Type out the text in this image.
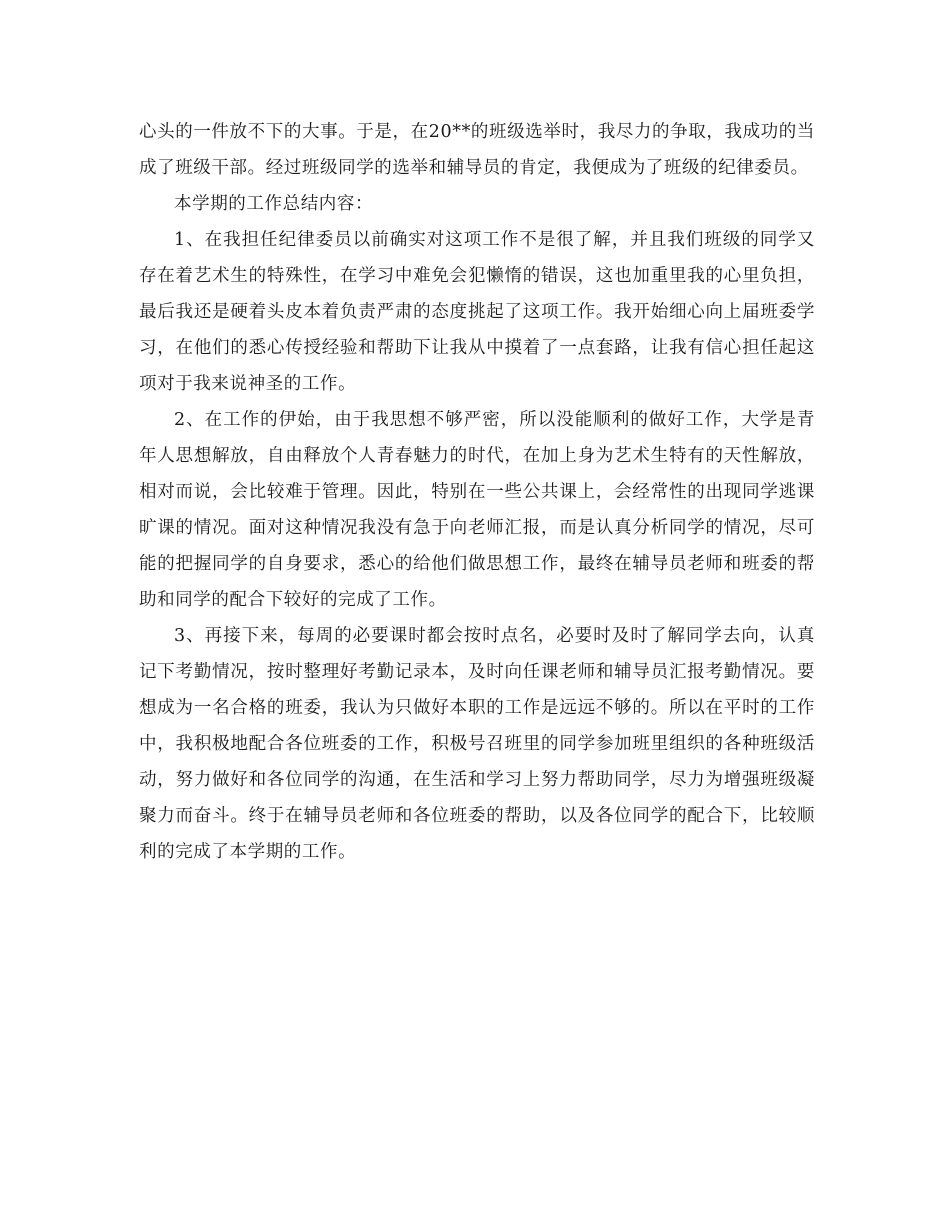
心头的一件放不下的大事。于是，在20**的班级选举时，我尽力的争取，我成功的当成了班级干部。经过班级同学的选举和辅导员的肯定，我便成为了班级的纪律委员。

本学期的工作总结内容：

1、在我担任纪律委员以前确实对这项工作不是很了解，并且我们班级的同学又存在着艺术生的特殊性，在学习中难免会犯懒惰的错误，这也加重里我的心里负担，最后我还是硬着头皮本着负责严肃的态度挑起了这项工作。我开始细心向上届班委学习，在他们的悉心传授经验和帮助下让我从中摸着了一点套路，让我有信心担任起这项对于我来说神圣的工作。

2、在工作的伊始，由于我思想不够严密，所以没能顺利的做好工作，大学是青年人思想解放，自由释放个人青春魅力的时代，在加上身为艺术生特有的天性解放，相对而说，会比较难于管理。因此，特别在一些公共课上，会经常性的出现同学逃课旷课的情况。面对这种情况我没有急于向老师汇报，而是认真分析同学的情况，尽可能的把握同学的自身要求，悉心的给他们做思想工作，最终在辅导员老师和班委的帮助和同学的配合下较好的完成了工作。

3、再接下来，每周的必要课时都会按时点名，必要时及时了解同学去向，认真记下考勤情况，按时整理好考勤记录本，及时向任课老师和辅导员汇报考勤情况。要想成为一名合格的班委，我认为只做好本职的工作是远远不够的。所以在平时的工作中，我积极地配合各位班委的工作，积极号召班里的同学参加班里组织的各种班级活动，努力做好和各位同学的沟通，在生活和学习上努力帮助同学，尽力为增强班级凝聚力而奋斗。终于在辅导员老师和各位班委的帮助，以及各位同学的配合下，比较顺利的完成了本学期的工作。
